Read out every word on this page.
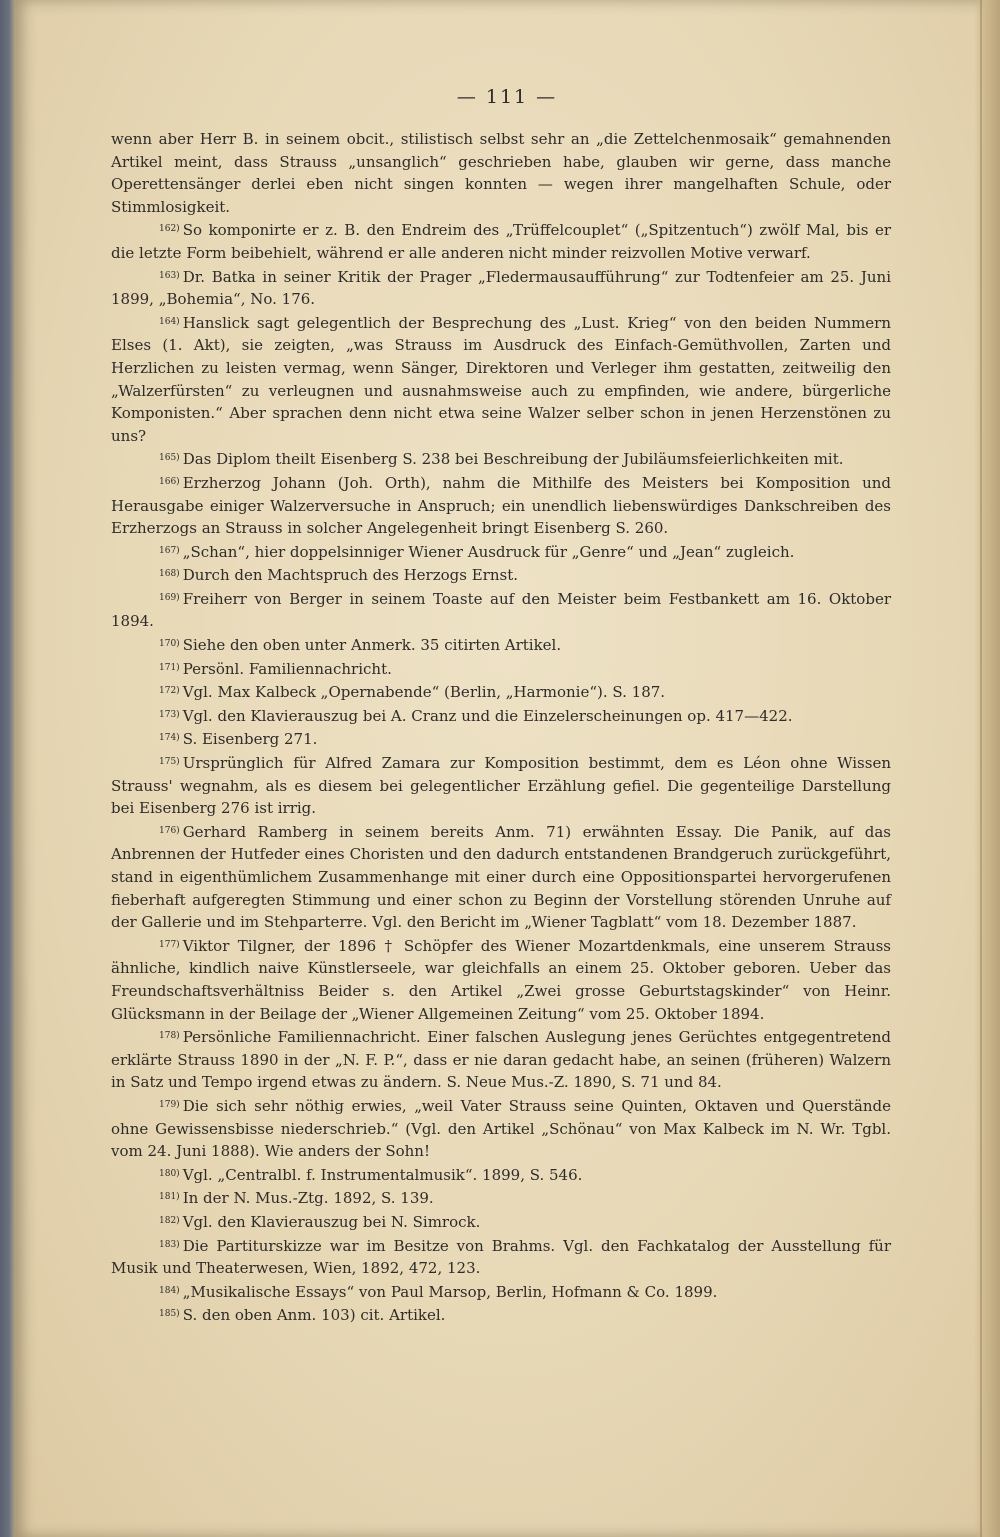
— 111 —

wenn aber Herr B. in seinem obcit., stilistisch selbst sehr an „die Zettelchenmosaik“ gemahnenden Artikel meint, dass Strauss „unsanglich“ geschrieben habe, glauben wir gerne, dass manche Operettensänger derlei eben nicht singen konnten — wegen ihrer mangelhaften Schule, oder Stimmlosigkeit.

$^{162)}$ So komponirte er z. B. den Endreim des „Trüffelcouplet“ („Spitzentuch“) zwölf Mal, bis er die letzte Form beibehielt, während er alle anderen nicht minder reizvollen Motive verwarf.

$^{163)}$ Dr. Batka in seiner Kritik der Prager „Fledermausaufführung“ zur Todtenfeier am 25. Juni 1899, „Bohemia“, No. 176.

$^{164)}$ Hanslick sagt gelegentlich der Besprechung des „Lust. Krieg“ von den beiden Nummern Elses (1. Akt), sie zeigten, „was Strauss im Ausdruck des Einfach-Gemüthvollen, Zarten und Herzlichen zu leisten vermag, wenn Sänger, Direktoren und Verleger ihm gestatten, zeitweilig den „Walzerfürsten“ zu verleugnen und ausnahmsweise auch zu empfinden, wie andere, bürgerliche Komponisten.“ Aber sprachen denn nicht etwa seine Walzer selber schon in jenen Herzenstönen zu uns?

$^{165)}$ Das Diplom theilt Eisenberg S. 238 bei Beschreibung der Jubiläumsfeierlichkeiten mit.

$^{166)}$ Erzherzog Johann (Joh. Orth), nahm die Mithilfe des Meisters bei Komposition und Herausgabe einiger Walzerversuche in Anspruch; ein unendlich liebenswürdiges Dankschreiben des Erzherzogs an Strauss in solcher Angelegenheit bringt Eisenberg S. 260.

$^{167)}$ „Schan“, hier doppelsinniger Wiener Ausdruck für „Genre“ und „Jean“ zugleich.

$^{168)}$ Durch den Machtspruch des Herzogs Ernst.

$^{169)}$ Freiherr von Berger in seinem Toaste auf den Meister beim Festbankett am 16. Oktober 1894.

$^{170)}$ Siehe den oben unter Anmerk. 35 citirten Artikel.

$^{171)}$ Persönl. Familiennachricht.

$^{172)}$ Vgl. Max Kalbeck „Opernabende“ (Berlin, „Harmonie“). S. 187.

$^{173)}$ Vgl. den Klavierauszug bei A. Cranz und die Einzelerscheinungen op. 417—422.

$^{174)}$ S. Eisenberg 271.

$^{175)}$ Ursprünglich für Alfred Zamara zur Komposition bestimmt, dem es Léon ohne Wissen Strauss' wegnahm, als es diesem bei gelegentlicher Erzählung gefiel. Die gegenteilige Darstellung bei Eisenberg 276 ist irrig.

$^{176)}$ Gerhard Ramberg in seinem bereits Anm. 71) erwähnten Essay. Die Panik, auf das Anbrennen der Hutfeder eines Choristen und den dadurch entstandenen Brandgeruch zurückgeführt, stand in eigenthümlichem Zusammenhange mit einer durch eine Oppositionspartei hervorgerufenen fieberhaft aufgeregten Stimmung und einer schon zu Beginn der Vorstellung störenden Unruhe auf der Gallerie und im Stehparterre. Vgl. den Bericht im „Wiener Tagblatt“ vom 18. Dezember 1887.

$^{177)}$ Viktor Tilgner, der 1896 † Schöpfer des Wiener Mozartdenkmals, eine unserem Strauss ähnliche, kindlich naive Künstlerseele, war gleichfalls an einem 25. Oktober geboren. Ueber das Freundschaftsverhältniss Beider s. den Artikel „Zwei grosse Geburtstagskinder“ von Heinr. Glücksmann in der Beilage der „Wiener Allgemeinen Zeitung“ vom 25. Oktober 1894.

$^{178)}$ Persönliche Familiennachricht. Einer falschen Auslegung jenes Gerüchtes entgegentretend erklärte Strauss 1890 in der „N. F. P.“, dass er nie daran gedacht habe, an seinen (früheren) Walzern in Satz und Tempo irgend etwas zu ändern. S. Neue Mus.-Z. 1890, S. 71 und 84.

$^{179)}$ Die sich sehr nöthig erwies, „weil Vater Strauss seine Quinten, Oktaven und Querstände ohne Gewissensbisse niederschrieb.“ (Vgl. den Artikel „Schönau“ von Max Kalbeck im N. Wr. Tgbl. vom 24. Juni 1888). Wie anders der Sohn!

$^{180)}$ Vgl. „Centralbl. f. Instrumentalmusik“. 1899, S. 546.

$^{181)}$ In der N. Mus.-Ztg. 1892, S. 139.

$^{182)}$ Vgl. den Klavierauszug bei N. Simrock.

$^{183)}$ Die Partiturskizze war im Besitze von Brahms. Vgl. den Fachkatalog der Ausstellung für Musik und Theaterwesen, Wien, 1892, 472, 123.

$^{184)}$ „Musikalische Essays“ von Paul Marsop, Berlin, Hofmann & Co. 1899.

$^{185)}$ S. den oben Anm. 103) cit. Artikel.
